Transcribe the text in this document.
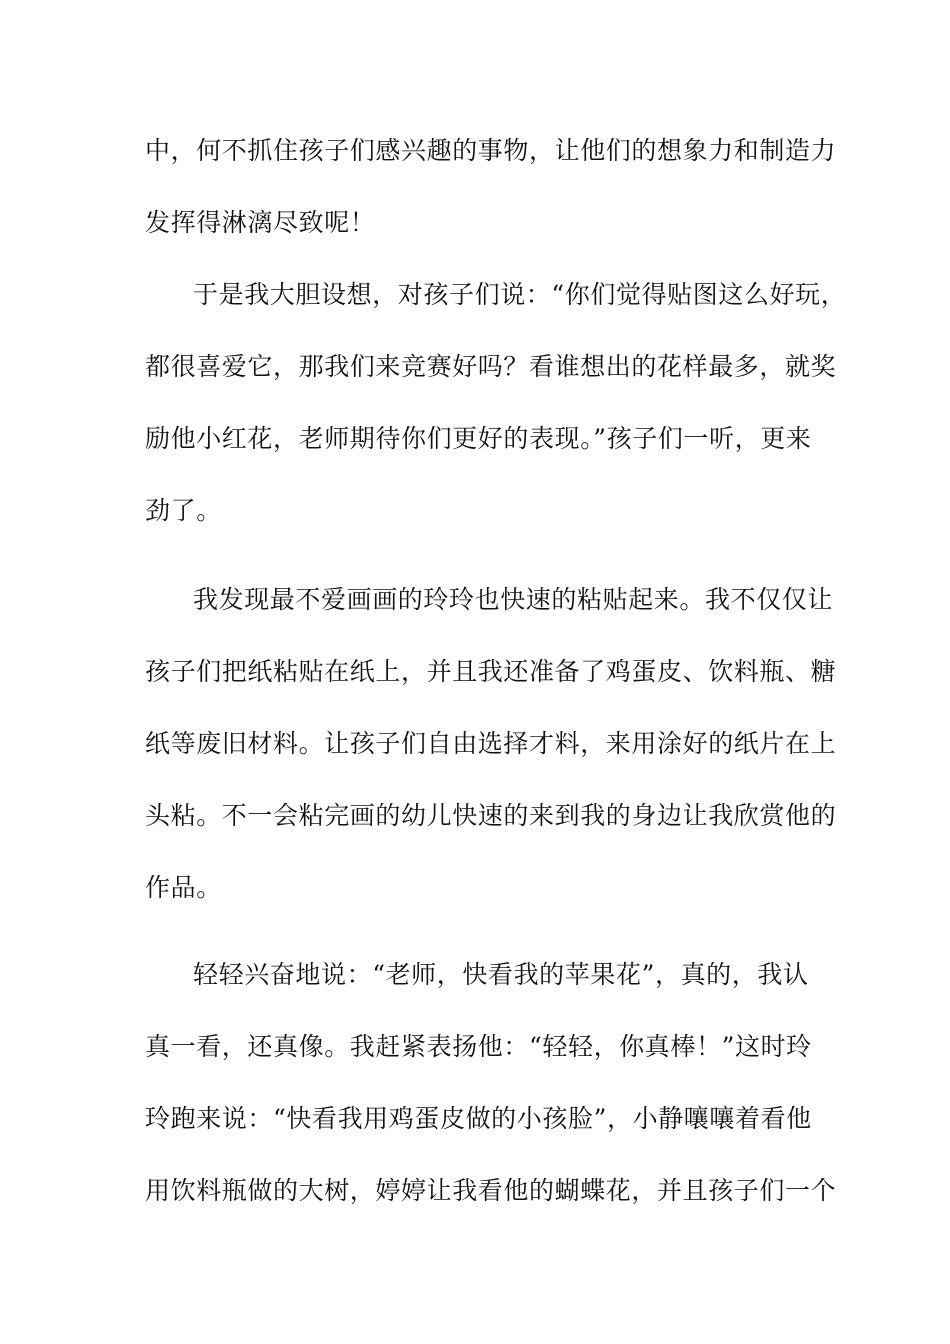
中，何不抓住孩子们感兴趣的事物，让他们的想象力和制造力
发挥得淋漓尽致呢！
于是我大胆设想，对孩子们说：“你们觉得贴图这么好玩，
都很喜爱它，那我们来竞赛好吗？看谁想出的花样最多，就奖
励他小红花，老师期待你们更好的表现。”孩子们一听，更来
劲了。
我发现最不爱画画的玲玲也快速的粘贴起来。我不仅仅让
孩子们把纸粘贴在纸上，并且我还准备了鸡蛋皮、饮料瓶、糖
纸等废旧材料。让孩子们自由选择才料，来用涂好的纸片在上
头粘。不一会粘完画的幼儿快速的来到我的身边让我欣赏他的
作品。
轻轻兴奋地说：“老师，快看我的苹果花”，真的，我认
真一看，还真像。我赶紧表扬他：“轻轻，你真棒！”这时玲
玲跑来说：“快看我用鸡蛋皮做的小孩脸”，小静嚷嚷着看他
用饮料瓶做的大树，婷婷让我看他的蝴蝶花，并且孩子们一个
